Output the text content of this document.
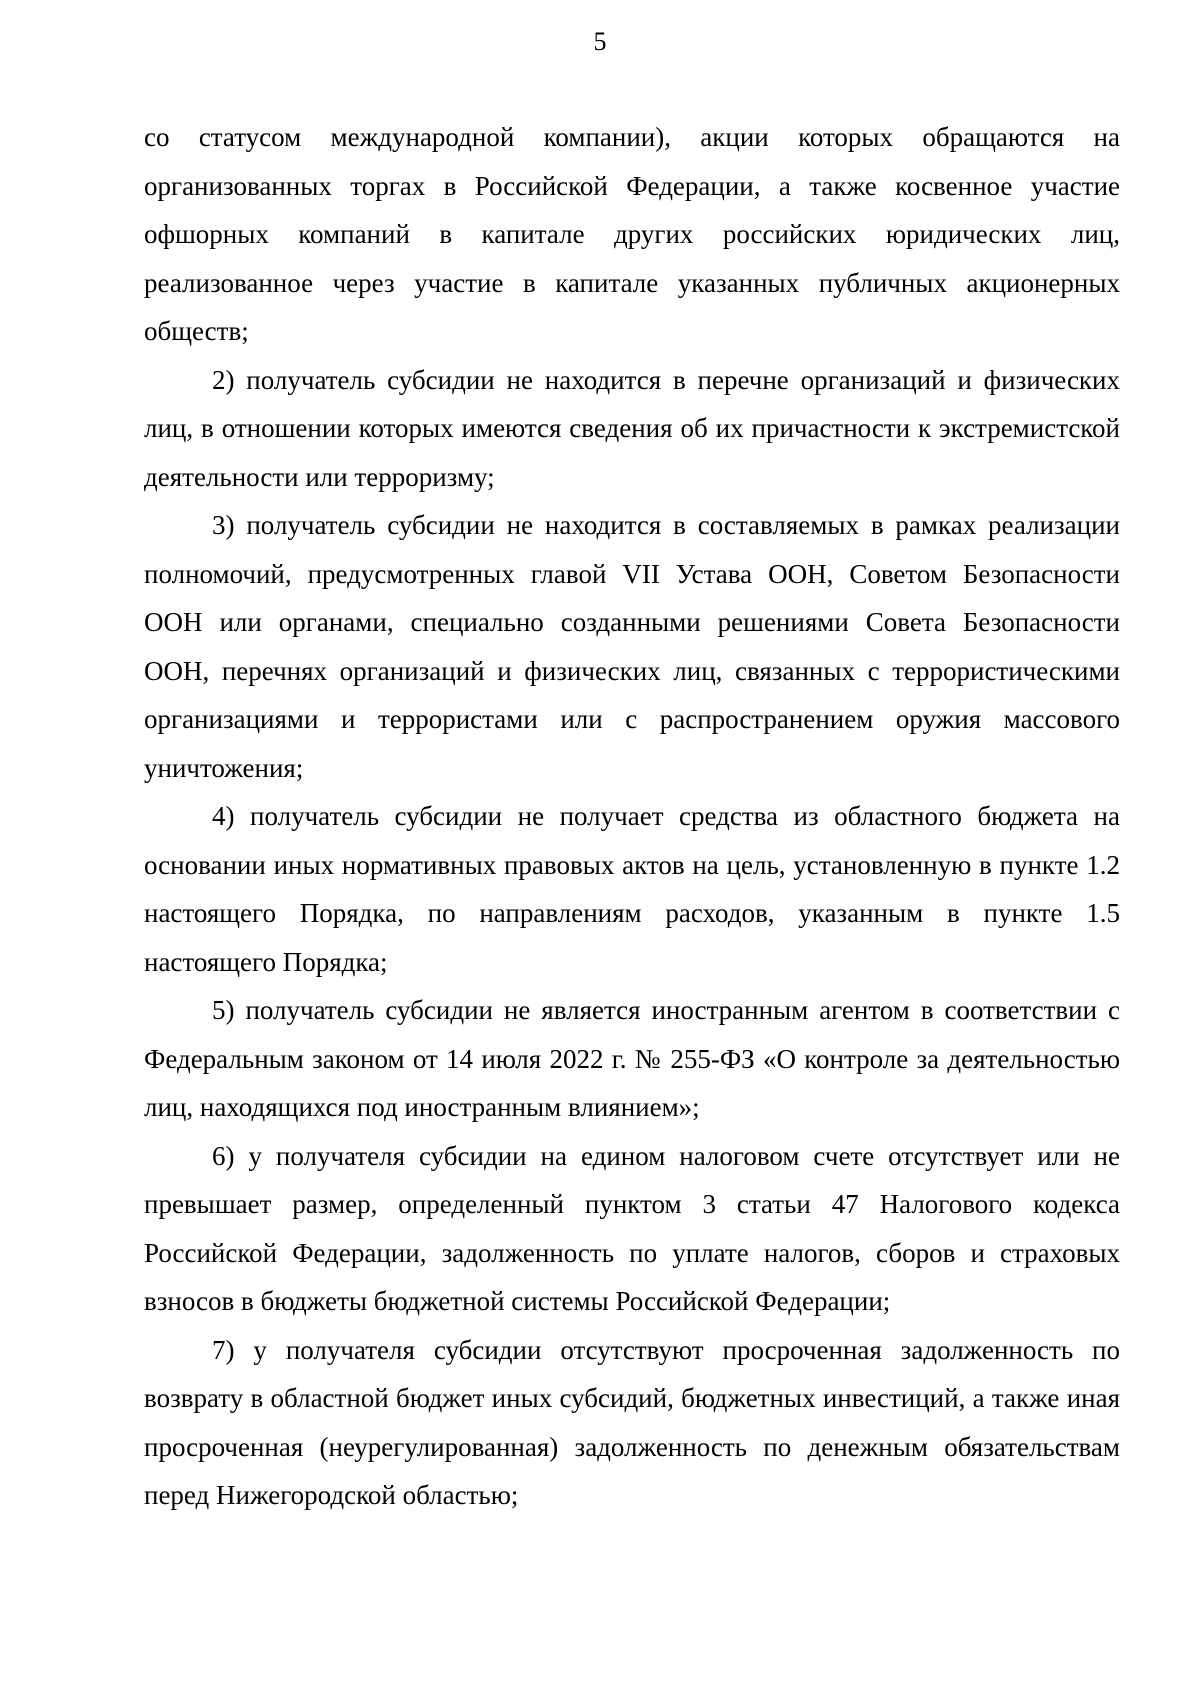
5

со статусом международной компании), акции которых обращаются на организованных торгах в Российской Федерации, а также косвенное участие офшорных компаний в капитале других российских юридических лиц, реализованное через участие в капитале указанных публичных акционерных обществ;

2) получатель субсидии не находится в перечне организаций и физических лиц, в отношении которых имеются сведения об их причастности к экстремистской деятельности или терроризму;

3) получатель субсидии не находится в составляемых в рамках реализации полномочий, предусмотренных главой VII Устава ООН, Советом Безопасности ООН или органами, специально созданными решениями Совета Безопасности ООН, перечнях организаций и физических лиц, связанных с террористическими организациями и террористами или с распространением оружия массового уничтожения;

4) получатель субсидии не получает средства из областного бюджета на основании иных нормативных правовых актов на цель, установленную в пункте 1.2 настоящего Порядка, по направлениям расходов, указанным в пункте 1.5 настоящего Порядка;

5) получатель субсидии не является иностранным агентом в соответствии с Федеральным законом от 14 июля 2022 г. № 255-ФЗ «О контроле за деятельностью лиц, находящихся под иностранным влиянием»;

6) у получателя субсидии на едином налоговом счете отсутствует или не превышает размер, определенный пунктом 3 статьи 47 Налогового кодекса Российской Федерации, задолженность по уплате налогов, сборов и страховых взносов в бюджеты бюджетной системы Российской Федерации;

7) у получателя субсидии отсутствуют просроченная задолженность по возврату в областной бюджет иных субсидий, бюджетных инвестиций, а также иная просроченная (неурегулированная) задолженность по денежным обязательствам перед Нижегородской областью;
